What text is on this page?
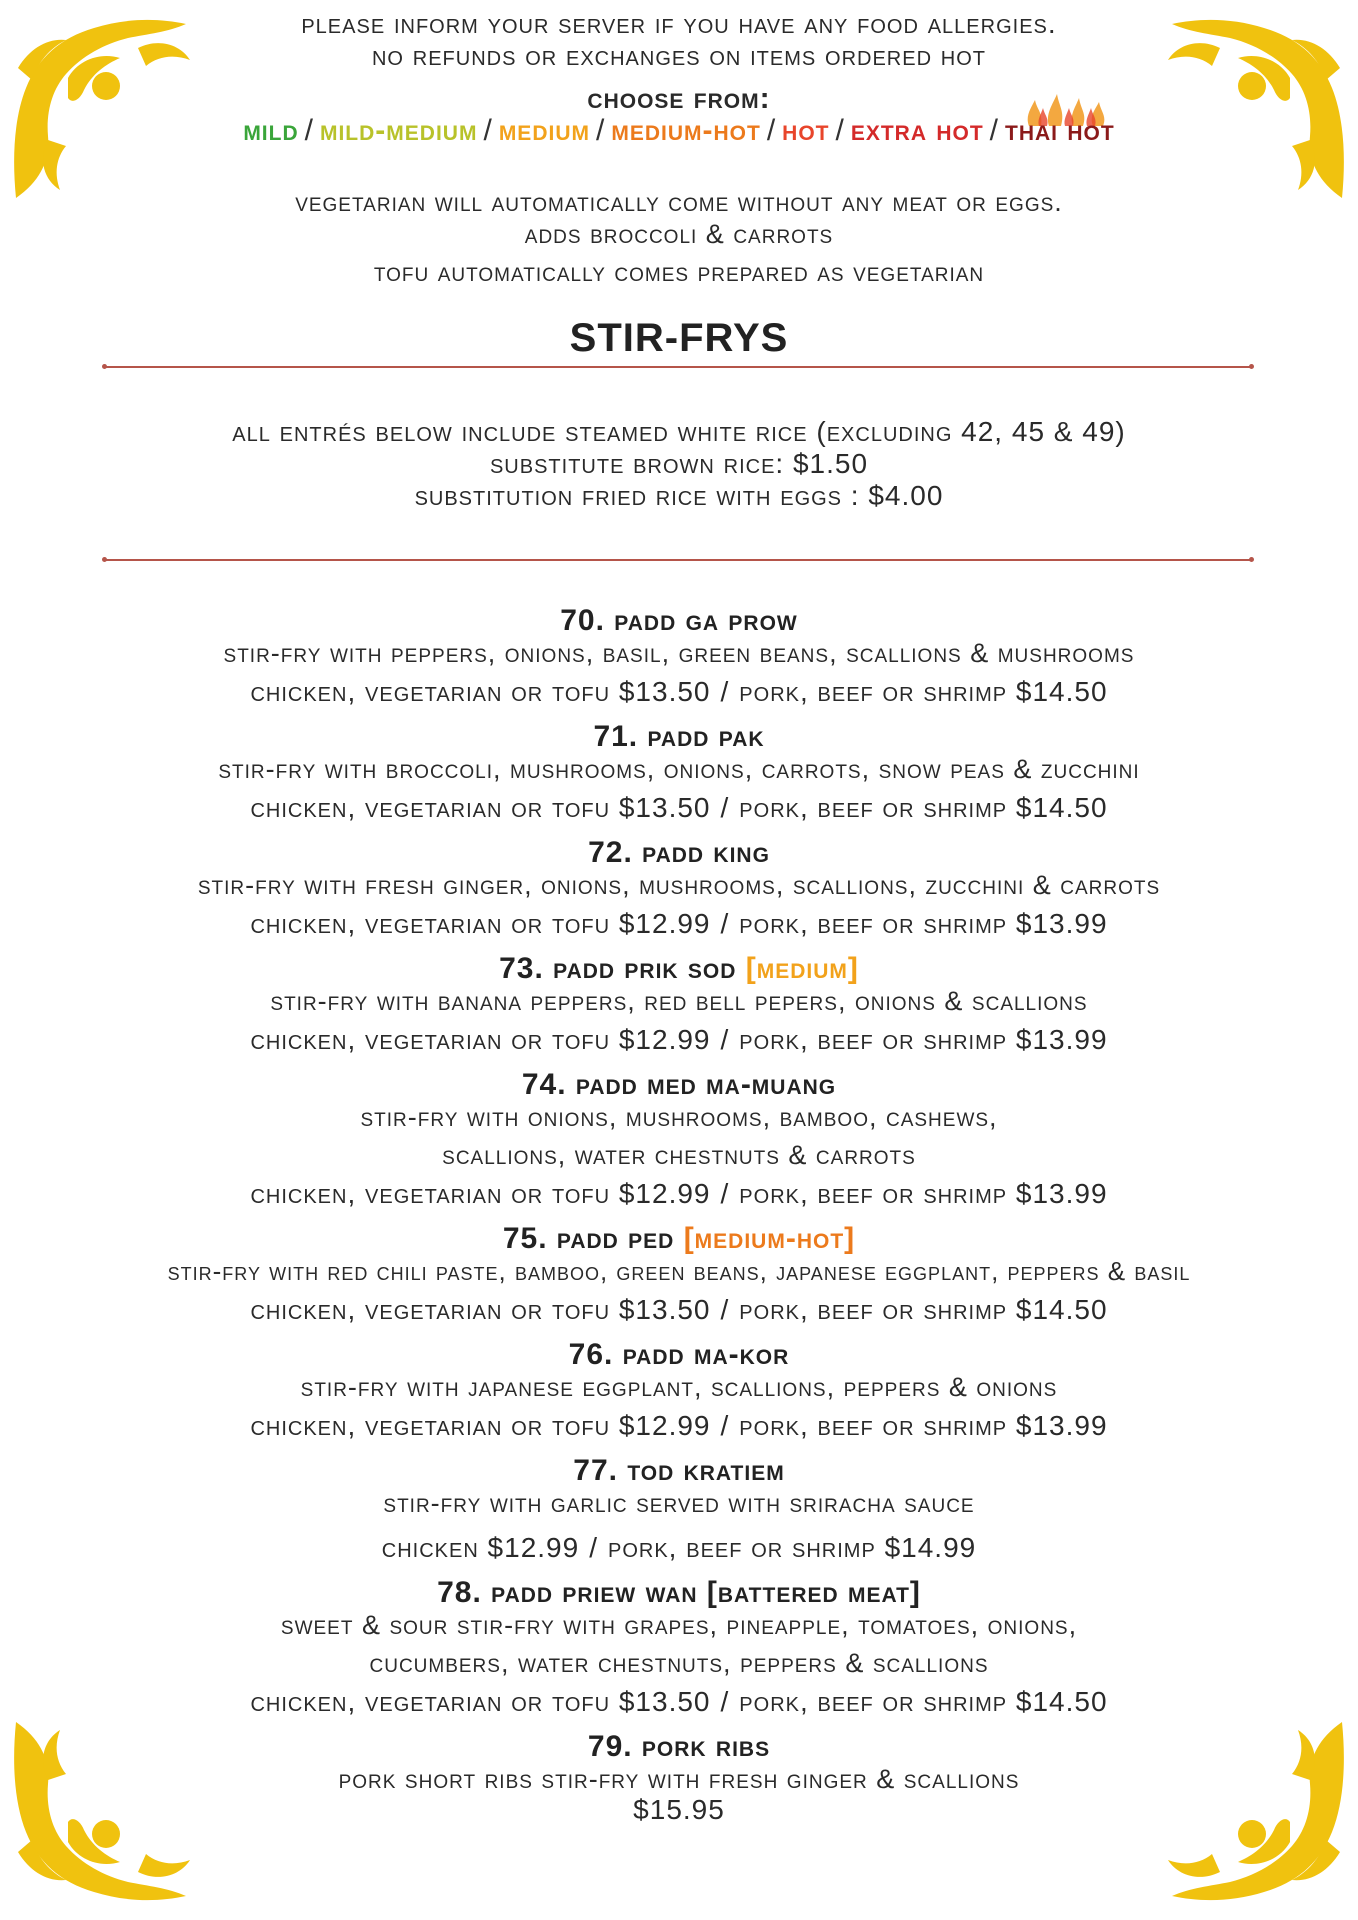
please inform your server if you have any food allergies.
no refunds or exchanges on items ordered hot
choose from:
mild / mild-medium / medium / medium-hot / hot / extra hot / thai hot
vegetarian will automatically come without any meat or eggs.
adds broccoli & carrots
tofu automatically comes prepared as vegetarian
STIR-FRYS
all entrés below include steamed white rice (excluding 42, 45 & 49)
substitute brown rice: $1.50
substitution fried rice with eggs : $4.00
70. padd ga prow
stir-fry with peppers, onions, basil, green beans, scallions & mushrooms
chicken, vegetarian or tofu $13.50 / pork, beef or shrimp $14.50
71. padd pak
stir-fry with broccoli, mushrooms, onions, carrots, snow peas & zucchini
chicken, vegetarian or tofu $13.50 / pork, beef or shrimp $14.50
72. padd king
stir-fry with fresh ginger, onions, mushrooms, scallions, zucchini & carrots
chicken, vegetarian or tofu $12.99 / pork, beef or shrimp $13.99
73. padd prik sod [medium]
stir-fry with banana peppers, red bell pepers, onions & scallions
chicken, vegetarian or tofu $12.99 / pork, beef or shrimp $13.99
74. padd med ma-muang
stir-fry with onions, mushrooms, bamboo, cashews,
scallions, water chestnuts & carrots
chicken, vegetarian or tofu $12.99 / pork, beef or shrimp $13.99
75. padd ped [medium-hot]
stir-fry with red chili paste, bamboo, green beans, japanese eggplant, peppers & basil
chicken, vegetarian or tofu $13.50 / pork, beef or shrimp $14.50
76. padd ma-kor
stir-fry with japanese eggplant, scallions, peppers & onions
chicken, vegetarian or tofu $12.99 / pork, beef or shrimp $13.99
77. tod kratiem
stir-fry with garlic served with sriracha sauce
chicken $12.99 / pork, beef or shrimp $14.99
78. padd priew wan [battered meat]
sweet & sour stir-fry with grapes, pineapple, tomatoes, onions,
cucumbers, water chestnuts, peppers & scallions
chicken, vegetarian or tofu $13.50 / pork, beef or shrimp $14.50
79. pork ribs
pork short ribs stir-fry with fresh ginger & scallions
$15.95
